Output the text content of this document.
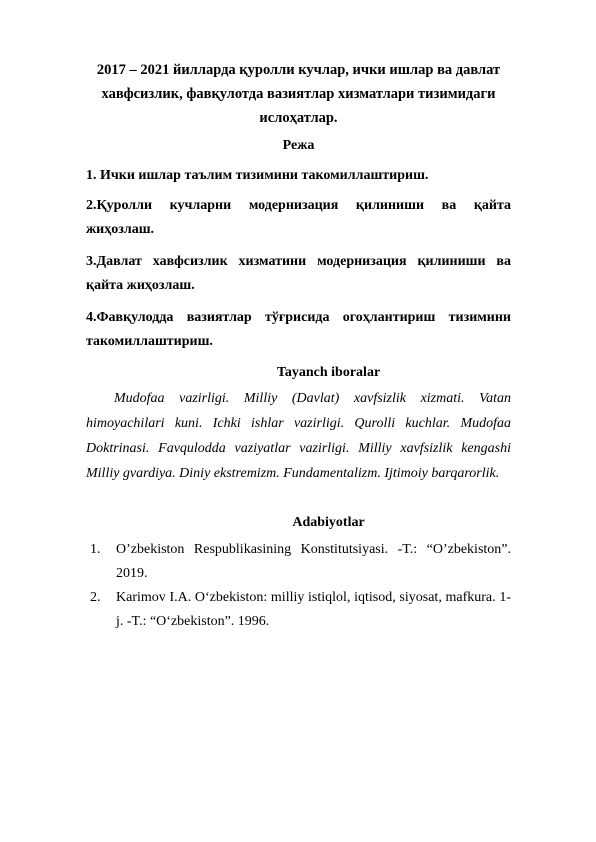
2017 – 2021 йилларда қуролли кучлар, ички ишлар ва давлат хавфсизлик, фавқулотда вазиятлар хизматлари тизимидаги ислоҳатлар.

Режа

1. Ички ишлар таълим тизимини такомиллаштириш.

2.Қуролли кучларни модернизация қилиниши ва қайта жиҳозлаш.

3.Давлат хавфсизлик хизматини модернизация қилиниши ва қайта жиҳозлаш.

4.Фавқулодда вазиятлар тўғрисида огоҳлантириш тизимини такомиллаштириш.

Tayanch iboralar

Mudofaa vazirligi. Milliy (Davlat) xavfsizlik xizmati. Vatan himoyachilari kuni. Ichki ishlar vazirligi. Qurolli kuchlar. Mudofaa Doktrinasi. Favqulodda vaziyatlar vazirligi. Milliy xavfsizlik kengashi Milliy gvardiya. Diniy ekstremizm. Fundamentalizm. Ijtimoiy barqarorlik.

Adabiyotlar

1. O’zbekiston Respublikasining Konstitutsiyasi. -T.: “O’zbekiston”. 2019.
2. Karimov I.A. O‘zbekiston: milliy istiqlol, iqtisod, siyosat, mafkura. 1-j. -T.: “O‘zbekiston”. 1996.
